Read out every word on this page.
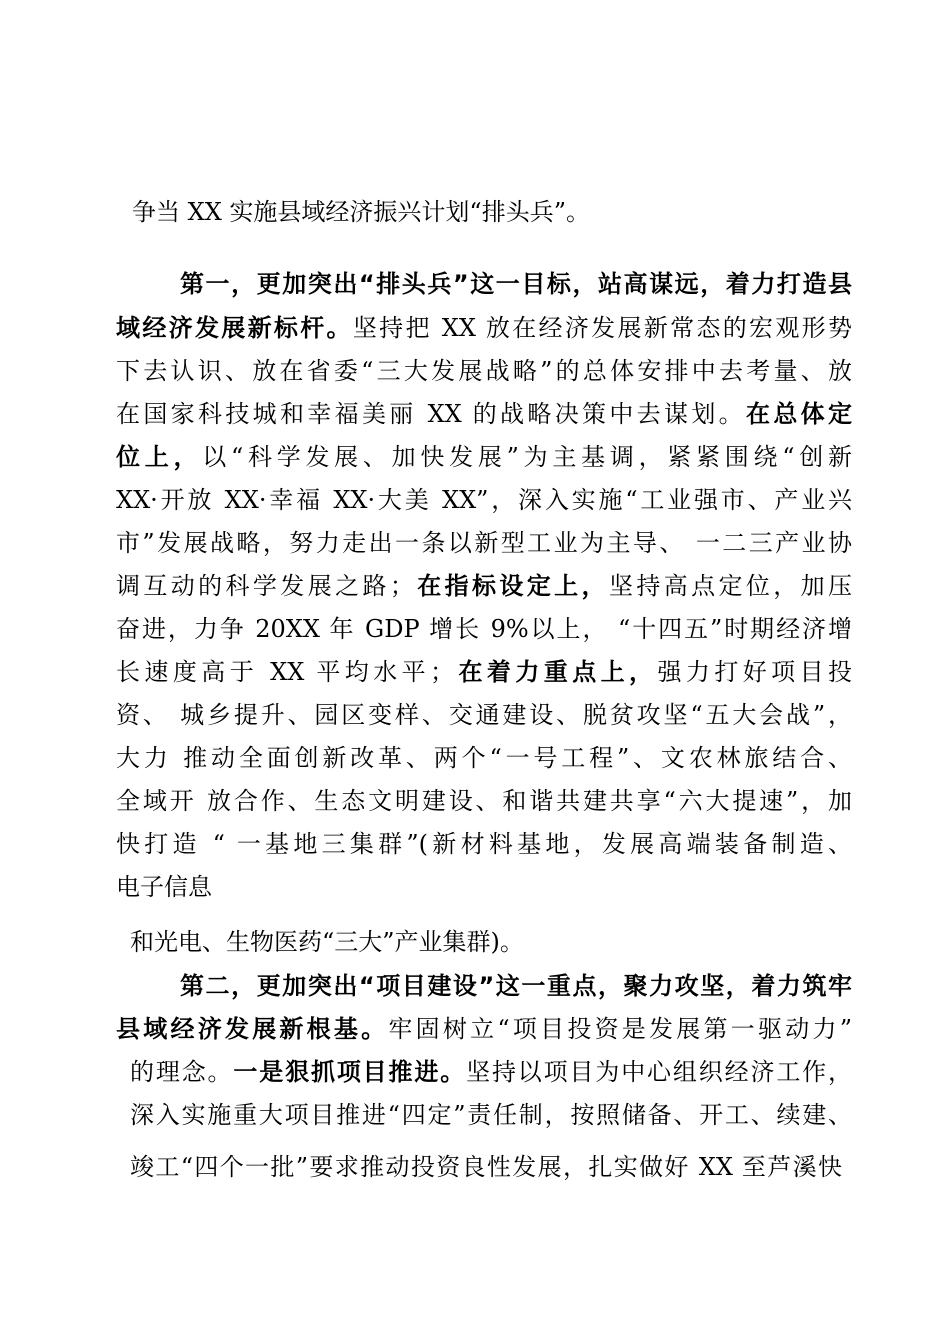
争当 XX 实施县域经济振兴计划“排头兵”。
第一，更加突出“排头兵”这一目标，站高谋远，着力打造县
域经济发展新标杆。坚持把 XX 放在经济发展新常态的宏观形势
下去认识、放在省委“三大发展战略”的总体安排中去考量、放
在国家科技城和幸福美丽 XX 的战略决策中去谋划。在总体定
位上，以“科学发展、加快发展”为主基调，紧紧围绕“创新
XX·开放 XX·幸福 XX·大美 XX”，深入实施“工业强市、产业兴
市”发展战略，努力走出一条以新型工业为主导、 一二三产业协
调互动的科学发展之路；在指标设定上，坚持高点定位，加压
奋进，力争 20XX 年 GDP 增长 9%以上， “十四五”时期经济增
长速度高于 XX 平均水平；在着力重点上，强力打好项目投
资、 城乡提升、园区变样、交通建设、脱贫攻坚“五大会战”，
大力 推动全面创新改革、两个“一号工程”、文农林旅结合、
全域开 放合作、生态文明建设、和谐共建共享“六大提速”，加
快打造 “ 一基地三集群”(新材料基地，发展高端装备制造、
电子信息
和光电、生物医药“三大”产业集群)。
第二，更加突出“项目建设”这一重点，聚力攻坚，着力筑牢
县域经济发展新根基。牢固树立“项目投资是发展第一驱动力”
的理念。一是狠抓项目推进。坚持以项目为中心组织经济工作，
深入实施重大项目推进“四定”责任制，按照储备、开工、续建、
竣工“四个一批”要求推动投资良性发展，扎实做好 XX 至芦溪快
